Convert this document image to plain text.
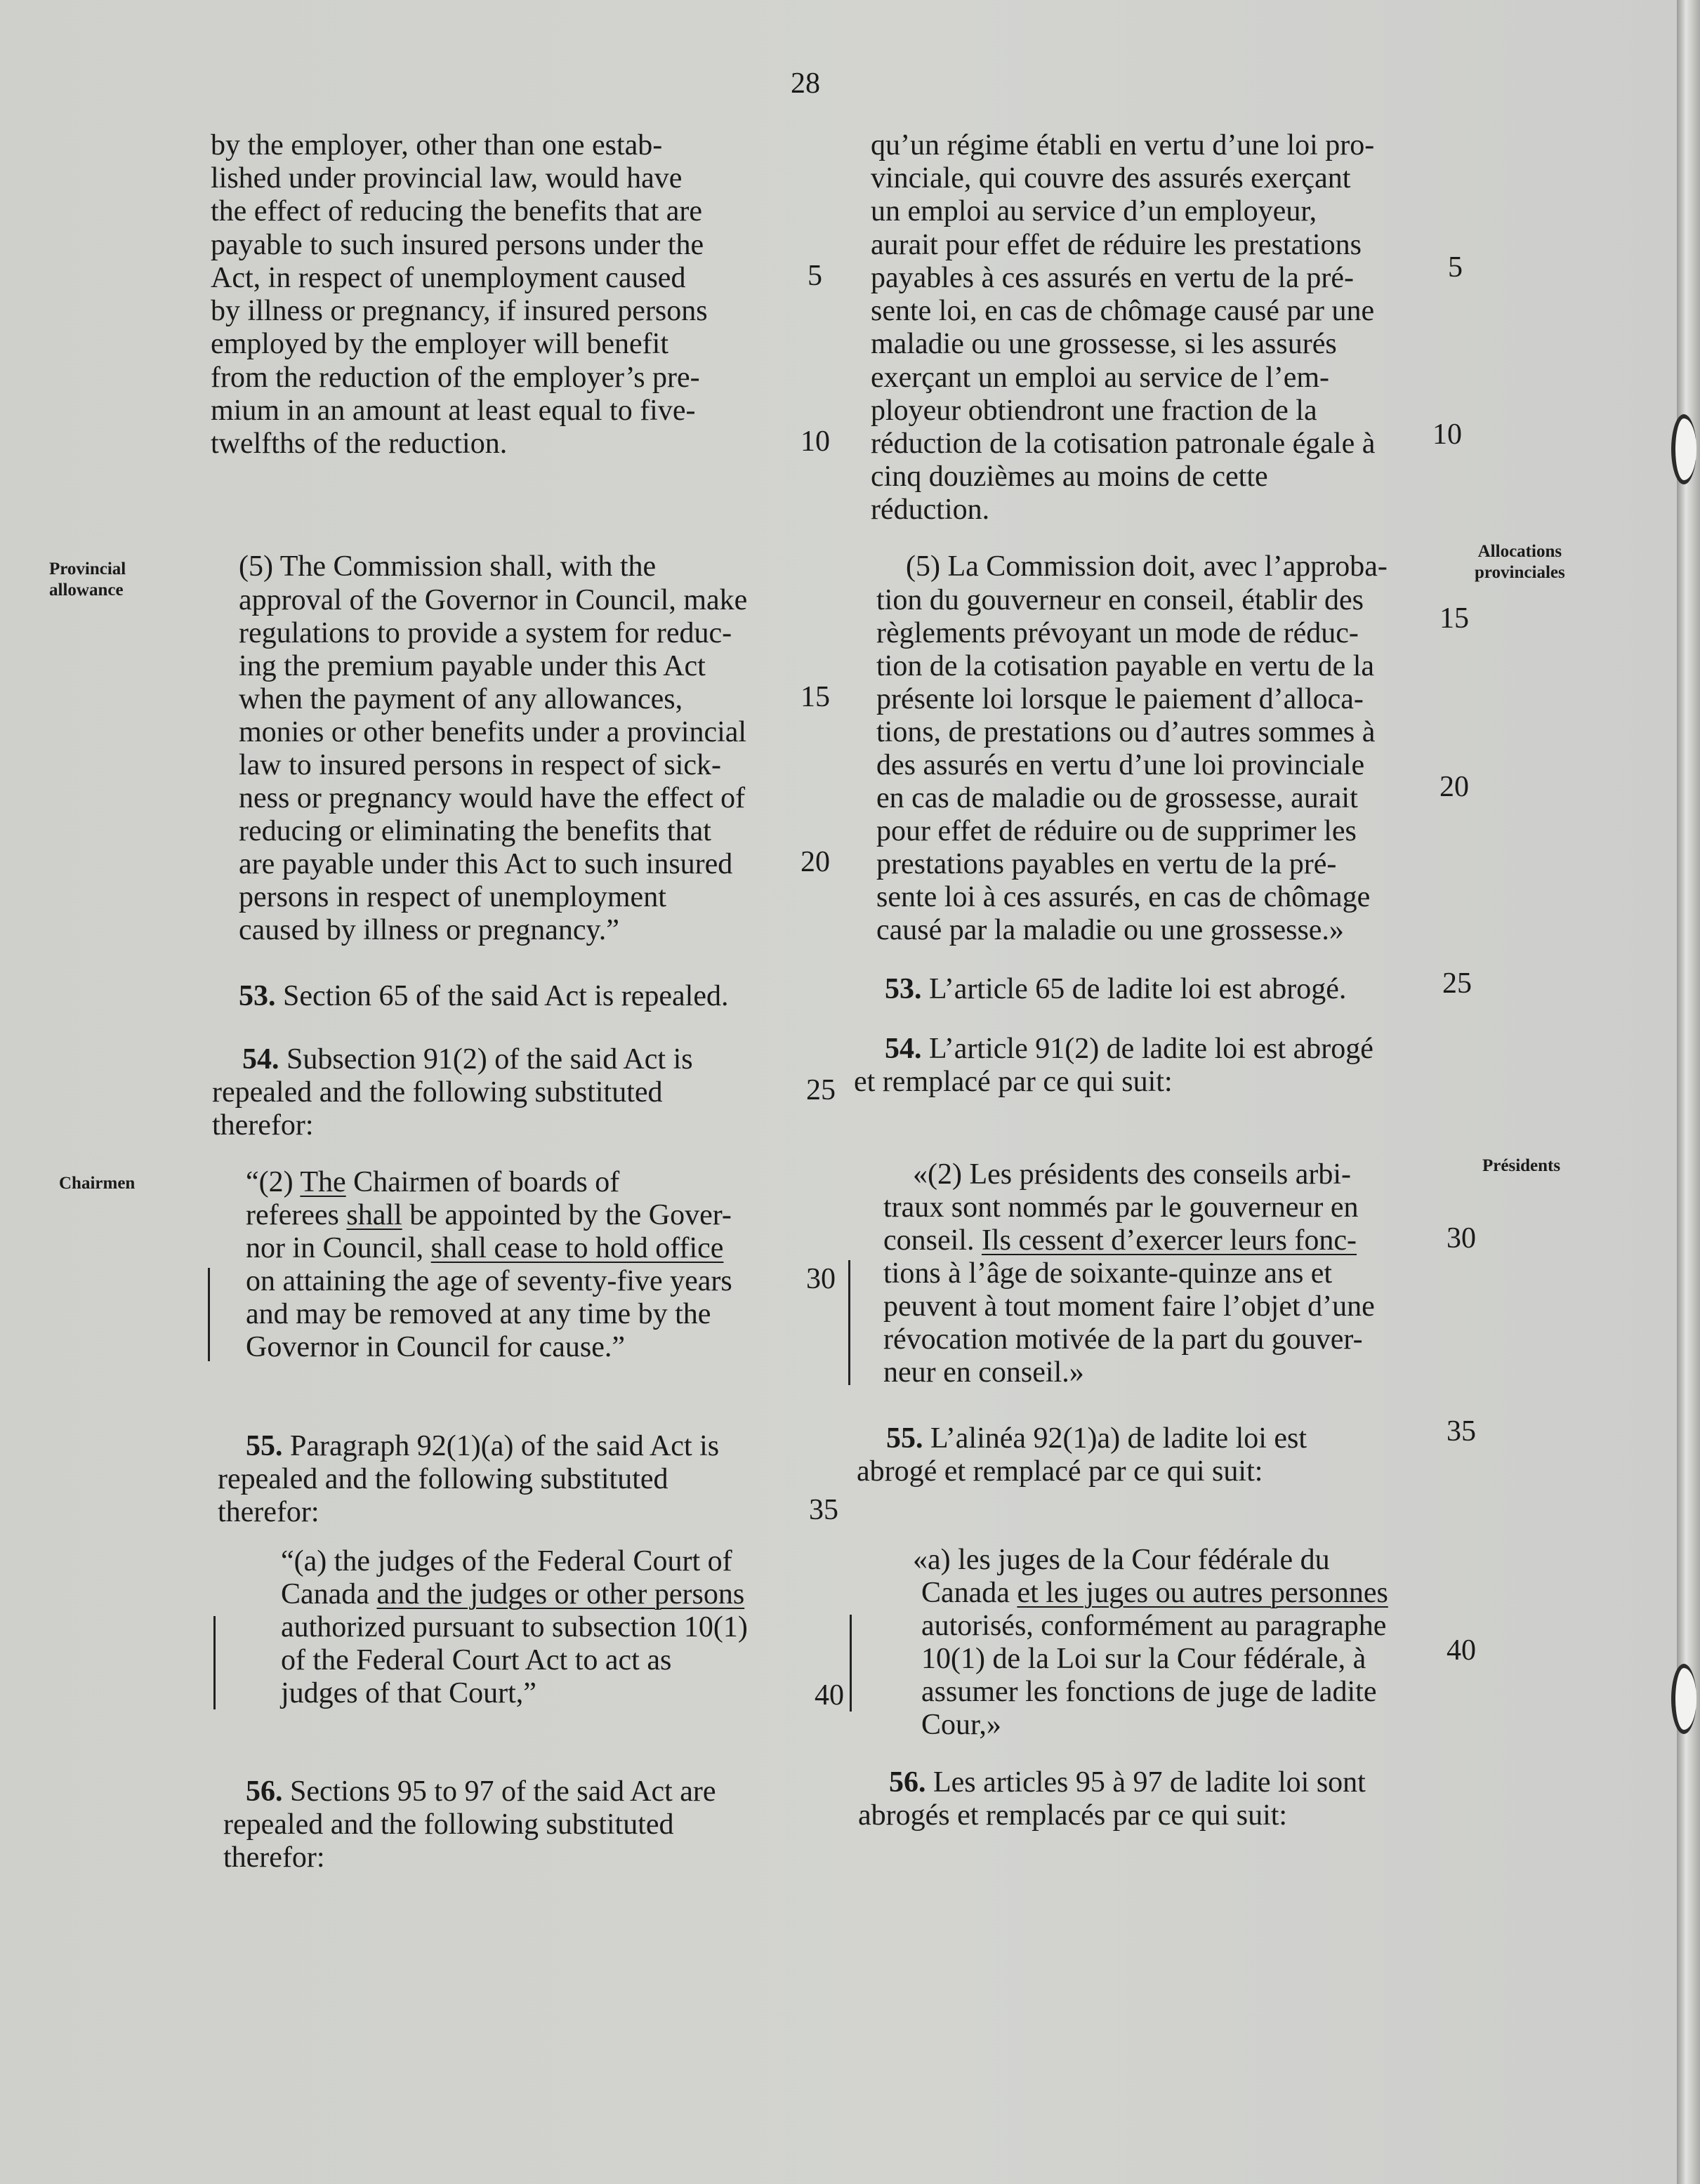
28
Provincial
allowance
Allocations
provinciales
Chairmen
Présidents
by the employer, other than one estab-
lished under provincial law, would have
the effect of reducing the benefits that are
payable to such insured persons under the
Act, in respect of unemployment caused
by illness or pregnancy, if insured persons
employed by the employer will benefit
from the reduction of the employer’s pre-
mium in an amount at least equal to five-
twelfths of the reduction.
(5) The Commission shall, with the
approval of the Governor in Council, make
regulations to provide a system for reduc-
ing the premium payable under this Act
when the payment of any allowances,
monies or other benefits under a provincial
law to insured persons in respect of sick-
ness or pregnancy would have the effect of
reducing or eliminating the benefits that
are payable under this Act to such insured
persons in respect of unemployment
caused by illness or pregnancy.”
53. Section 65 of the said Act is repealed.
54. Subsection 91(2) of the said Act is
repealed and the following substituted
therefor:
“(2) The Chairmen of boards of
referees shall be appointed by the Gover-
nor in Council, shall cease to hold office
on attaining the age of seventy-five years
and may be removed at any time by the
Governor in Council for cause.”
55. Paragraph 92(1)(a) of the said Act is
repealed and the following substituted
therefor:
“(a) the judges of the Federal Court of
Canada and the judges or other persons
authorized pursuant to subsection 10(1)
of the Federal Court Act to act as
judges of that Court,”
56. Sections 95 to 97 of the said Act are
repealed and the following substituted
therefor:
5
10
15
20
25
30
35
40
qu’un régime établi en vertu d’une loi pro-
vinciale, qui couvre des assurés exerçant
un emploi au service d’un employeur,
aurait pour effet de réduire les prestations
payables à ces assurés en vertu de la pré-
sente loi, en cas de chômage causé par une
maladie ou une grossesse, si les assurés
exerçant un emploi au service de l’em-
ployeur obtiendront une fraction de la
réduction de la cotisation patronale égale à
cinq douzièmes au moins de cette
réduction.
(5) La Commission doit, avec l’approba-
tion du gouverneur en conseil, établir des
règlements prévoyant un mode de réduc-
tion de la cotisation payable en vertu de la
présente loi lorsque le paiement d’alloca-
tions, de prestations ou d’autres sommes à
des assurés en vertu d’une loi provinciale
en cas de maladie ou de grossesse, aurait
pour effet de réduire ou de supprimer les
prestations payables en vertu de la pré-
sente loi à ces assurés, en cas de chômage
causé par la maladie ou une grossesse.»
53. L’article 65 de ladite loi est abrogé.
54. L’article 91(2) de ladite loi est abrogé
et remplacé par ce qui suit:
«(2) Les présidents des conseils arbi-
traux sont nommés par le gouverneur en
conseil. Ils cessent d’exercer leurs fonc-
tions à l’âge de soixante-quinze ans et
peuvent à tout moment faire l’objet d’une
révocation motivée de la part du gouver-
neur en conseil.»
55. L’alinéa 92(1)a) de ladite loi est
abrogé et remplacé par ce qui suit:
«a) les juges de la Cour fédérale du
Canada et les juges ou autres personnes
autorisés, conformément au paragraphe
10(1) de la Loi sur la Cour fédérale, à
assumer les fonctions de juge de ladite
Cour,»
56. Les articles 95 à 97 de ladite loi sont
abrogés et remplacés par ce qui suit:
5
10
15
20
25
30
35
40
